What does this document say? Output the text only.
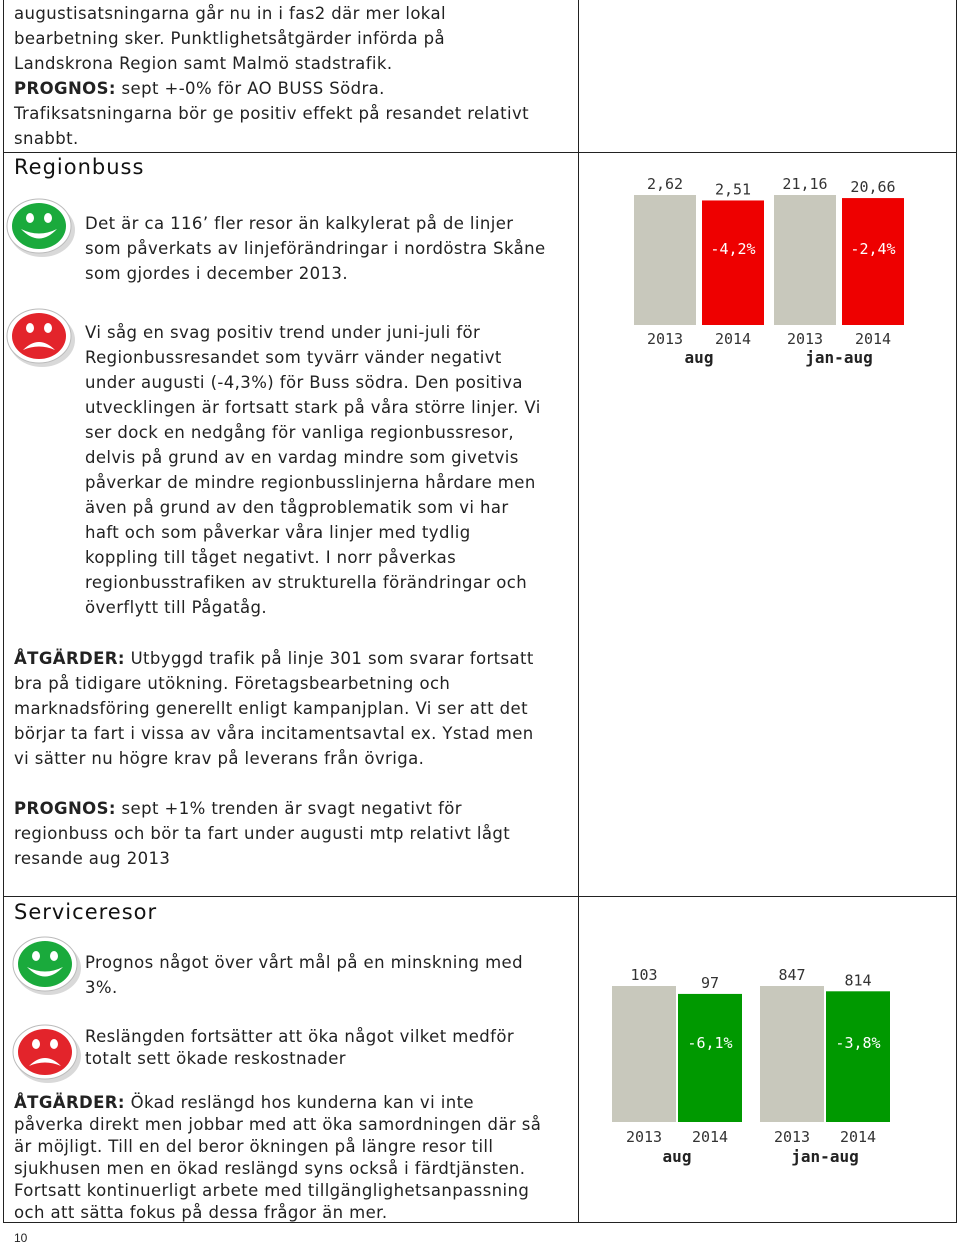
augustisatsningarna går nu in i fas2 där mer lokal

bearbetning sker. Punktlighetsåtgärder införda på

Landskrona Region samt Malmö stadstrafik.

PROGNOS: sept +-0% för AO BUSS Södra.

Trafiksatsningarna bör ge positiv effekt på resandet relativt

snabbt.

Regionbuss

Det är ca 116’ fler resor än kalkylerat på de linjer

som påverkats av linjeförändringar i nordöstra Skåne

som gjordes i december 2013.

Vi såg en svag positiv trend under juni-juli för

Regionbussresandet som tyvärr vänder negativt

under augusti (-4,3%) för Buss södra. Den positiva

utvecklingen är fortsatt stark på våra större linjer. Vi

ser dock en nedgång för vanliga regionbussresor,

delvis på grund av en vardag mindre som givetvis

påverkar de mindre regionbusslinjerna hårdare men

även på grund av den tågproblematik som vi har

haft och som påverkar våra linjer med tydlig

koppling till tåget negativt. I norr påverkas

regionbusstrafiken av strukturella förändringar och

överflytt till Pågatåg.

ÅTGÄRDER: Utbyggd trafik på linje 301 som svarar fortsatt

bra på tidigare utökning. Företagsbearbetning och

marknadsföring generellt enligt kampanjplan. Vi ser att det

börjar ta fart i vissa av våra incitamentsavtal ex. Ystad men

vi sätter nu högre krav på leverans från övriga.

PROGNOS: sept +1% trenden är svagt negativt för

regionbuss och bör ta fart under augusti mtp relativt lågt

resande aug 2013

2,62
2013
2,51
2014
-4,2%
aug
21,16
2013
20,66
2014
-2,4%
jan-aug
Serviceresor

Prognos något över vårt mål på en minskning med

3%.

Reslängden fortsätter att öka något vilket medför

totalt sett ökade reskostnader

ÅTGÄRDER: Ökad reslängd hos kunderna kan vi inte

påverka direkt men jobbar med att öka samordningen där så

är möjligt. Till en del beror ökningen på längre resor till

sjukhusen men en ökad reslängd syns också i färdtjänsten.

Fortsatt kontinuerligt arbete med tillgänglighetsanpassning

och att sätta fokus på dessa frågor än mer.

103
2013
97
2014
-6,1%
aug
847
2013
814
2014
-3,8%
jan-aug
10
